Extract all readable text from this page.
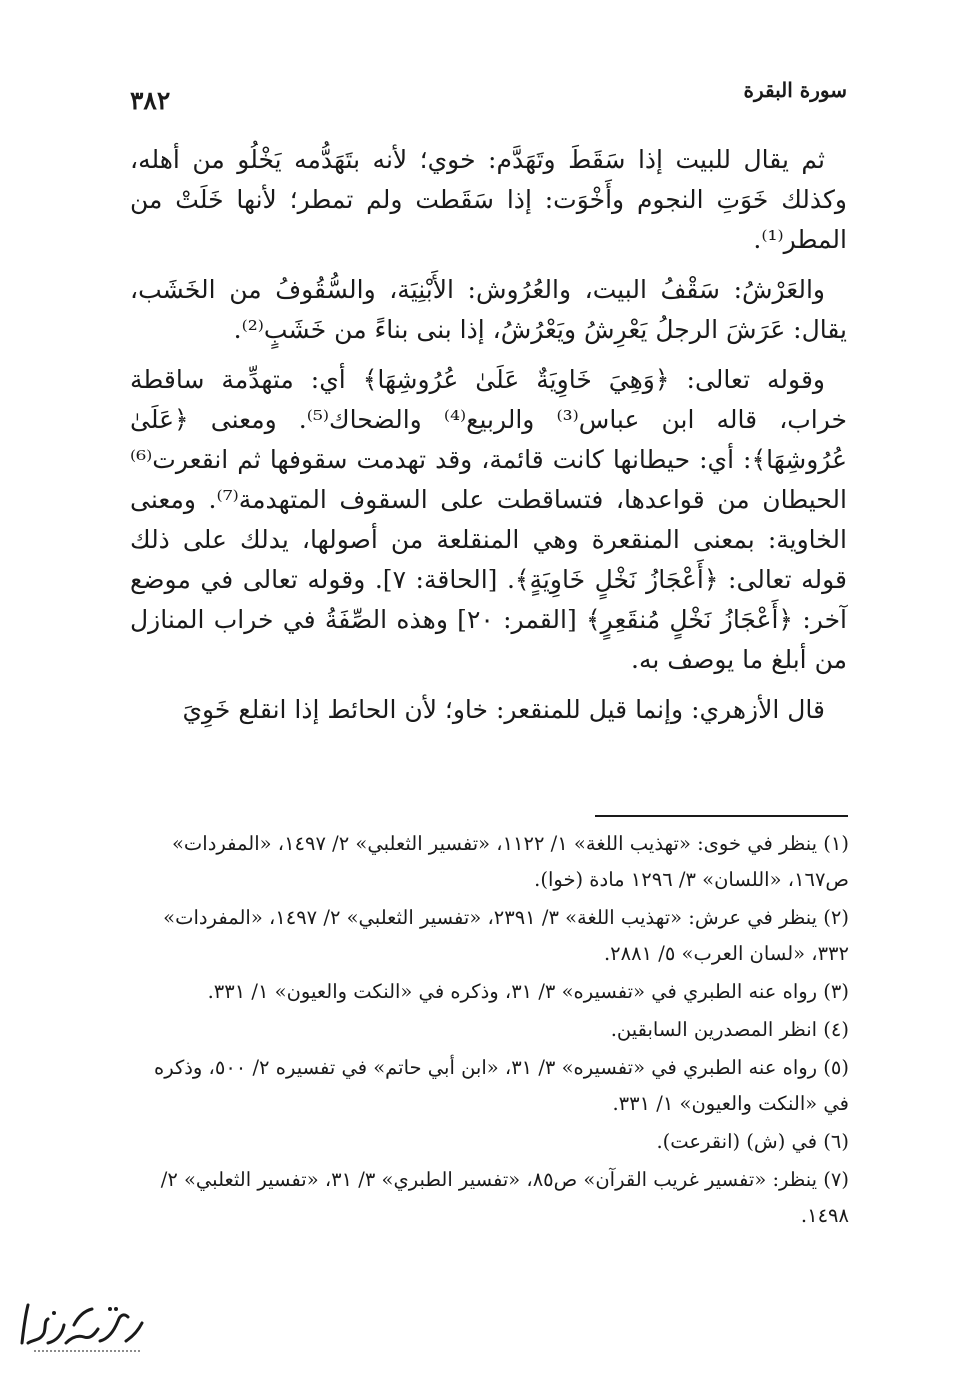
٣٨٢	سورة البقرة

ثم يقال للبيت إذا سَقَطَ وتَهَدَّم: خوي؛ لأنه بتَهَدُّمه يَخْلُو من أهله، وكذلك خَوَتِ النجوم وأَخْوَت: إذا سَقَطت ولم تمطر؛ لأنها خَلَتْ من المطر⁽¹⁾.

والعَرْشُ: سَقْفُ البيت، والعُرُوش: الأَبْنِيَة، والسُّقُوفُ من الخَشَب، يقال: عَرَشَ الرجلُ يَعْرِشُ ويَعْرُشُ، إذا بنى بناءً من خَشَبٍ⁽²⁾.

وقوله تعالى: ﴿وَهِيَ خَاوِيَةٌ عَلَىٰ عُرُوشِهَا﴾ أي: متهدِّمة ساقطة خراب، قاله ابن عباس⁽³⁾ والربيع⁽⁴⁾ والضحاك⁽⁵⁾. ومعنى ﴿عَلَىٰ عُرُوشِهَا﴾: أي: حيطانها كانت قائمة، وقد تهدمت سقوفها ثم انقعرت⁽⁶⁾ الحيطان من قواعدها، فتساقطت على السقوف المتهدمة⁽⁷⁾. ومعنى الخاوية: بمعنى المنقعرة وهي المنقلعة من أصولها، يدلك على ذلك قوله تعالى: ﴿أَعْجَازُ نَخْلٍ خَاوِيَةٍ﴾. [الحاقة: ٧]. وقوله تعالى في موضع آخر: ﴿أَعْجَازُ نَخْلٍ مُنقَعِرٍ﴾ [القمر: ٢٠] وهذه الصِّفَةُ في خراب المنازل من أبلغ ما يوصف به.

قال الأزهري: وإنما قيل للمنقعر: خاو؛ لأن الحائط إذا انقلع خَوِيَ

(١) ينظر في خوى: «تهذيب اللغة» ١/ ١١٢٢، «تفسير الثعلبي» ٢/ ١٤٩٧، «المفردات» ص١٦٧، «اللسان» ٣/ ١٢٩٦ مادة (خوا).
(٢) ينظر في عرش: «تهذيب اللغة» ٣/ ٢٣٩١، «تفسير الثعلبي» ٢/ ١٤٩٧، «المفردات» ٣٣٢، «لسان العرب» ٥/ ٢٨٨١.
(٣) رواه عنه الطبري في «تفسيره» ٣/ ٣١، وذكره في «النكت والعيون» ١/ ٣٣١.
(٤) انظر المصدرين السابقين.
(٥) رواه عنه الطبري في «تفسيره» ٣/ ٣١، «ابن أبي حاتم» في تفسيره ٢/ ٥٠٠، وذكره في «النكت والعيون» ١/ ٣٣١.
(٦) في (ش) (انقرعت).
(٧) ينظر: «تفسير غريب القرآن» ص٨٥، «تفسير الطبري» ٣/ ٣١، «تفسير الثعلبي» ٢/ ١٤٩٨.
